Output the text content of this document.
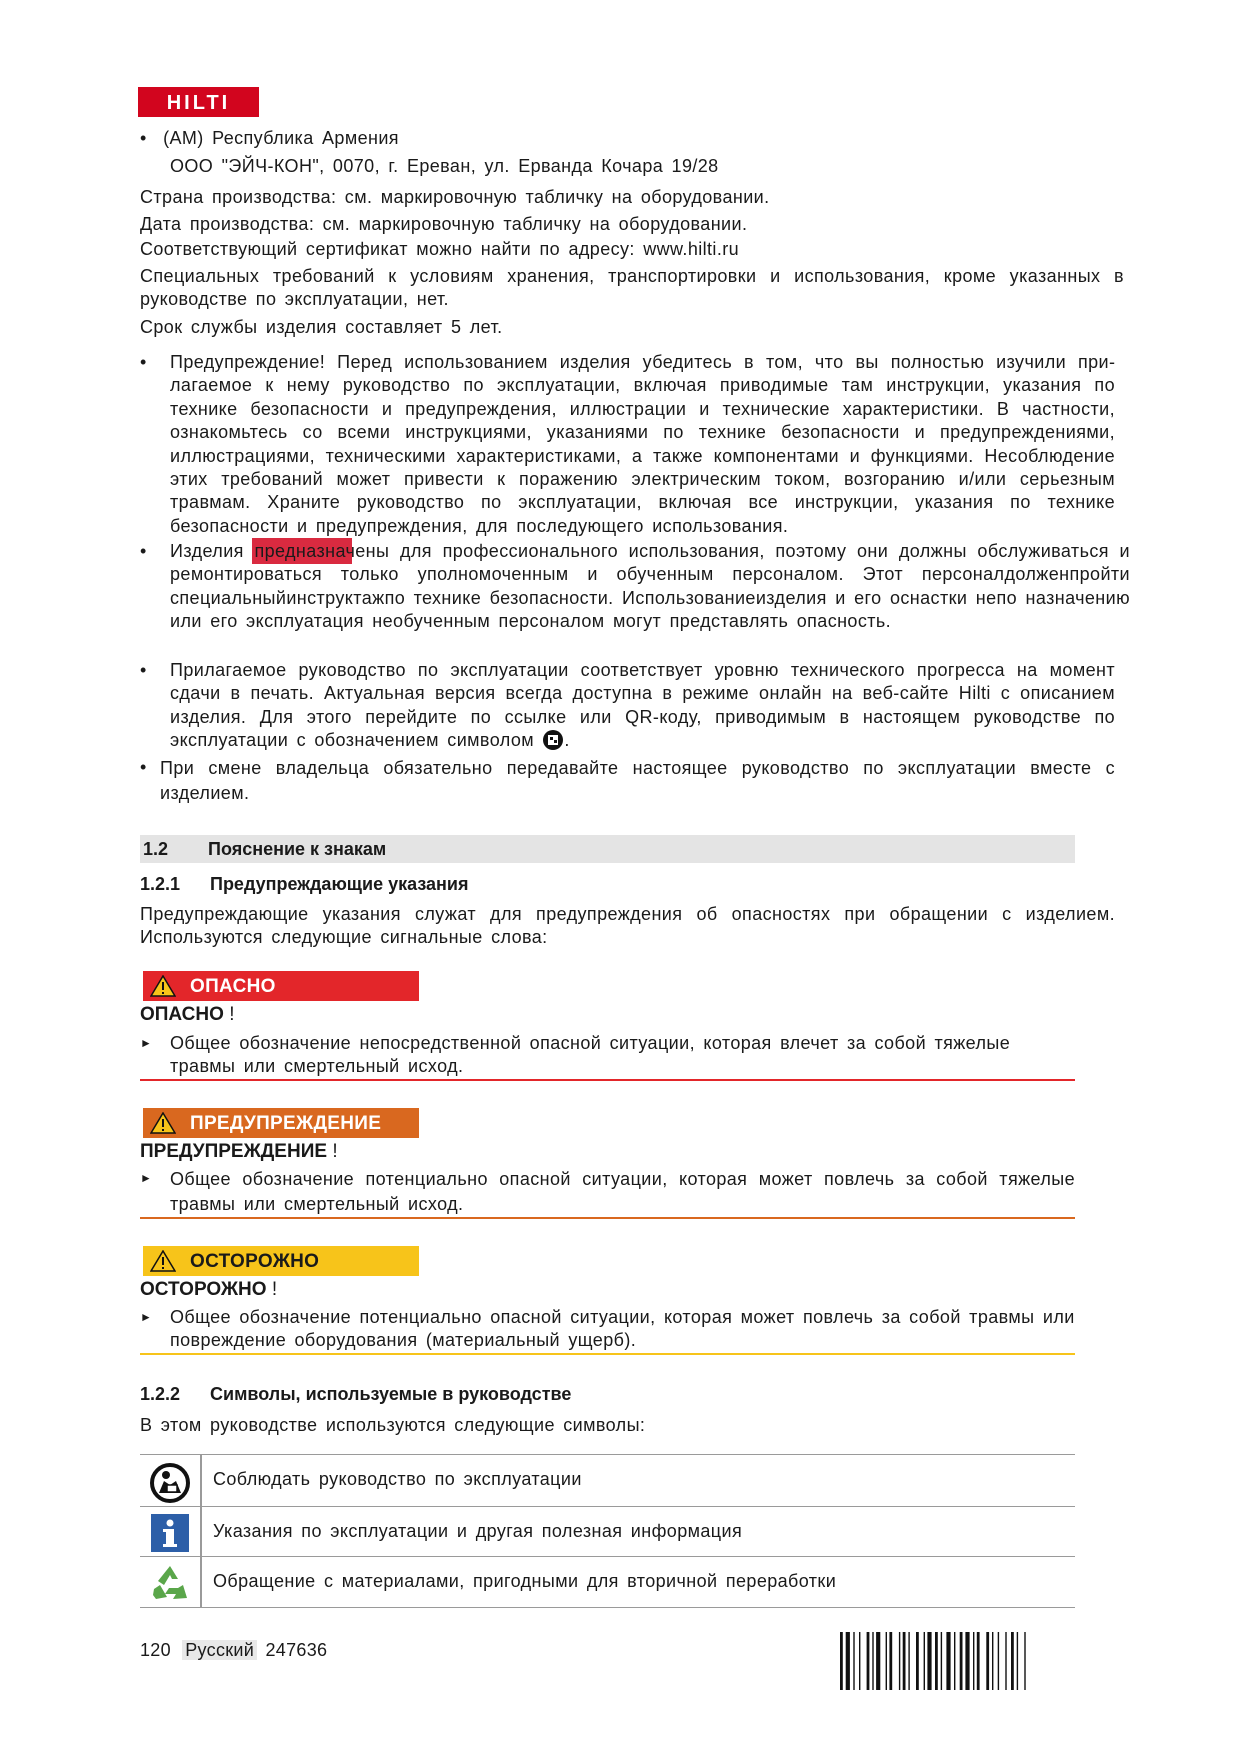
HILTI
• (AM) Республика Армения
ООО "ЭЙЧ-КОН", 0070, г. Ереван, ул. Ерванда Кочара 19/28
Страна производства: см. маркировочную табличку на оборудовании.
Дата производства: см. маркировочную табличку на оборудовании.
Соответствующий сертификат можно найти по адресу: www.hilti.ru
Специальных требований к условиям хранения, транспортировки и использования, кроме указанных в руководстве по эксплуатации, нет.
Срок службы изделия составляет 5 лет.
• Предупреждение! Перед использованием изделия убедитесь в том, что вы полностью изучили прилагаемое к нему руководство по эксплуатации, включая приводимые там инструкции, указания по технике безопасности и предупреждения, иллюстрации и технические характеристики. В частности, ознакомьтесь со всеми инструкциями, указаниями по технике безопасности и предупреждениями, иллюстрациями, техническими характеристиками, а также компонентами и функциями. Несоблюдение этих требований может привести к поражению электрическим током, возгоранию и/или серьезным травмам. Храните руководство по эксплуатации, включая все инструкции, указания по технике безопасности и предупреждения, для последующего использования.
• Изделия предназначены для профессионального использования, поэтому они должны обслуживаться и ремонтироваться только уполномоченным и обученным персоналом. Этот персоналдолженпройти специальныйинструктажпо технике безопасности. Использованиеизделия и его оснастки непо назначению или его эксплуатация необученным персоналом могут представлять опасность.
• Прилагаемое руководство по эксплуатации соответствует уровню технического прогресса на момент сдачи в печать. Актуальная версия всегда доступна в режиме онлайн на веб-сайте Hilti с описанием изделия. Для этого перейдите по ссылке или QR-коду, приводимым в настоящем руководстве по эксплуатации с обозначением символом .
• При смене владельца обязательно передавайте настоящее руководство по эксплуатации вместе с изделием.
1.2 Пояснение к знакам
1.2.1 Предупреждающие указания
Предупреждающие указания служат для предупреждения об опасностях при обращении с изделием. Используются следующие сигнальные слова:
ОПАСНО
ОПАСНО !
► Общее обозначение непосредственной опасной ситуации, которая влечет за собой тяжелые травмы или смертельный исход.
ПРЕДУПРЕЖДЕНИЕ
ПРЕДУПРЕЖДЕНИЕ !
► Общее обозначение потенциально опасной ситуации, которая может повлечь за собой тяжелые травмы или смертельный исход.
ОСТОРОЖНО
ОСТОРОЖНО !
► Общее обозначение потенциально опасной ситуации, которая может повлечь за собой травмы или повреждение оборудования (материальный ущерб).
1.2.2 Символы, используемые в руководстве
В этом руководстве используются следующие символы:
Соблюдать руководство по эксплуатации
Указания по эксплуатации и другая полезная информация
Обращение с материалами, пригодными для вторичной переработки
120 Русский 247636
